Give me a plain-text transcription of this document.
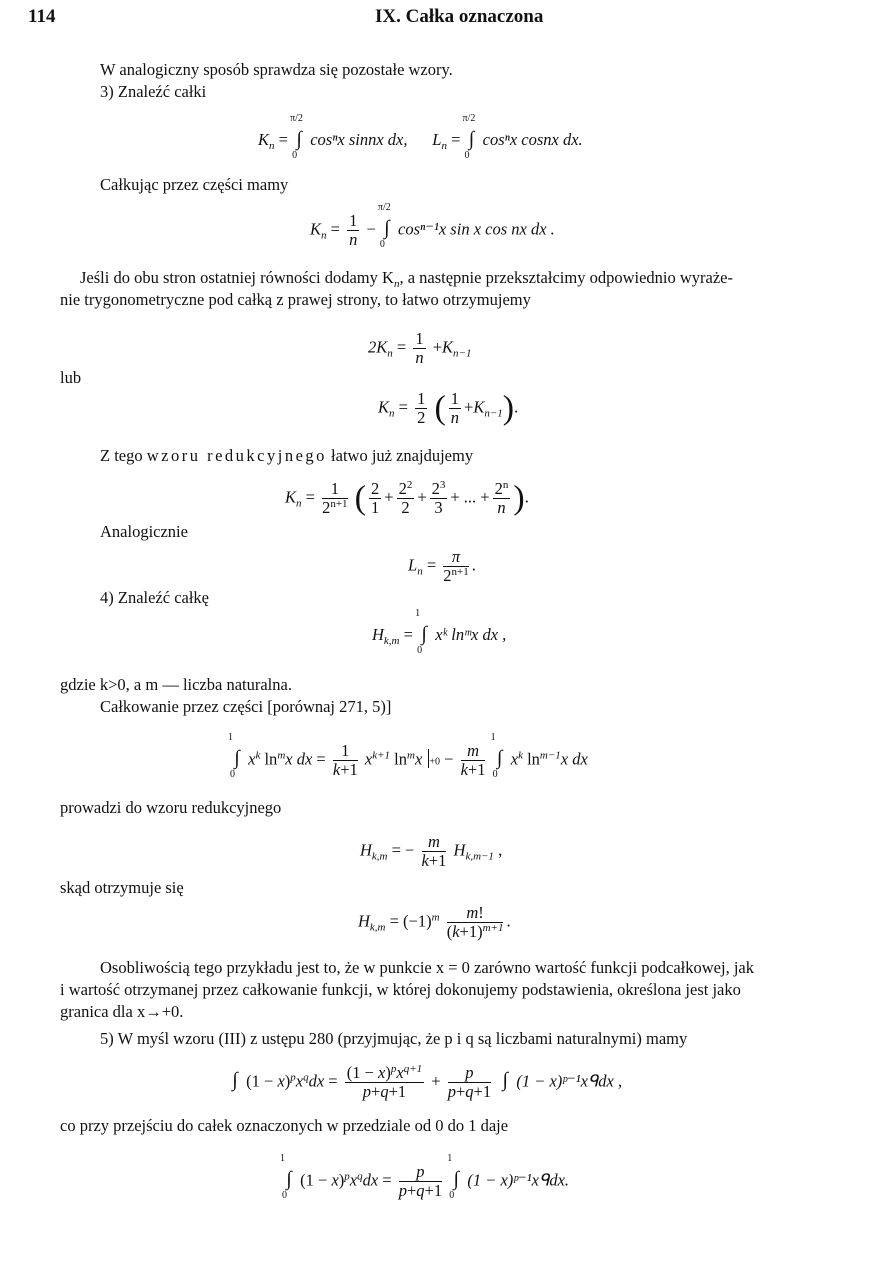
114	IX. Całka oznaczona
W analogiczny sposób sprawdza się pozostałe wzory.
3) Znaleźć całki
$K_n$ = ∫
π/2
0
cosⁿx sinnx dx,      $L_n$ = ∫
π/2
0
cosⁿx cosnx dx.
Całkując przez części mamy
$K_n = \frac{1}{n}$ − ∫
π/2
0
cosⁿ⁻¹x sin x cos nx dx .
Jeśli do obu stron ostatniej równości dodamy $K_n$, a następnie przekształcimy odpowiednio wyraże-
nie trygonometryczne pod całką z prawej strony, to łatwo otrzymujemy
$2K_n = \frac{1}{n} +K_{n-1}$
lub
$K_n = \frac{1}{2}$ ( $\frac{1}{n} +K_{n-1}$).
Z tego wzoru redukcyjnego łatwo już znajdujemy
$K_n = \frac{1}{2^{n+1}}$ ( $\frac{2}{1} + \frac{2^2}{2} + \frac{2^3}{3}$ + ... + $\frac{2^n}{n}$ ).
Analogicznie
$L_n = \frac{\pi}{2^{n+1}}$ .
4) Znaleźć całkę
$H_{k,m}$ = ∫
1
0
xᵏ lnᵐx dx ,
gdzie k>0, a m — liczba naturalna.
Całkowanie przez części [porównaj 271, 5)]
∫
1
0
$x^k$ $\ln^mx$ dx = $\frac{1}{k+1} x^{k+1}$ $\ln^mx +0 - \frac{m}{k+1}$ ∫
1
0
$x^k$ $\ln^{m-1}x$ dx
prowadzi do wzoru redukcyjnego
$H_{k,m}$ = − $\frac{m}{k+1} H_{k,m-1}$ ,
skąd otrzymuje się
$H_{k,m} = (-1)^m \frac{m!}{(k+1)^{m+1}}$ .
Osobliwością tego przykładu jest to, że w punkcie x = 0 zarówno wartość funkcji podcałkowej, jak
i wartość otrzymanej przez całkowanie funkcji, w której dokonujemy podstawienia, określona jest jako
granica dla x→+0.
5) W myśl wzoru (III) z ustępu 280 (przyjmując, że p i q są liczbami naturalnymi) mamy
∫ $(1 - x)^px^qdx = \frac{(1 - x)^px^{q+1}}{p+q+1} + \frac{p}{p+q+1}$ ∫ (1 − x)ᵖ⁻¹xᑫdx ,
co przy przejściu do całek oznaczonych w przedziale od 0 do 1 daje
∫
1
0
$(1 - x)^px^qdx = \frac{p}{p+q+1}$ ∫
1
0
(1 − x)ᵖ⁻¹xᑫdx.
